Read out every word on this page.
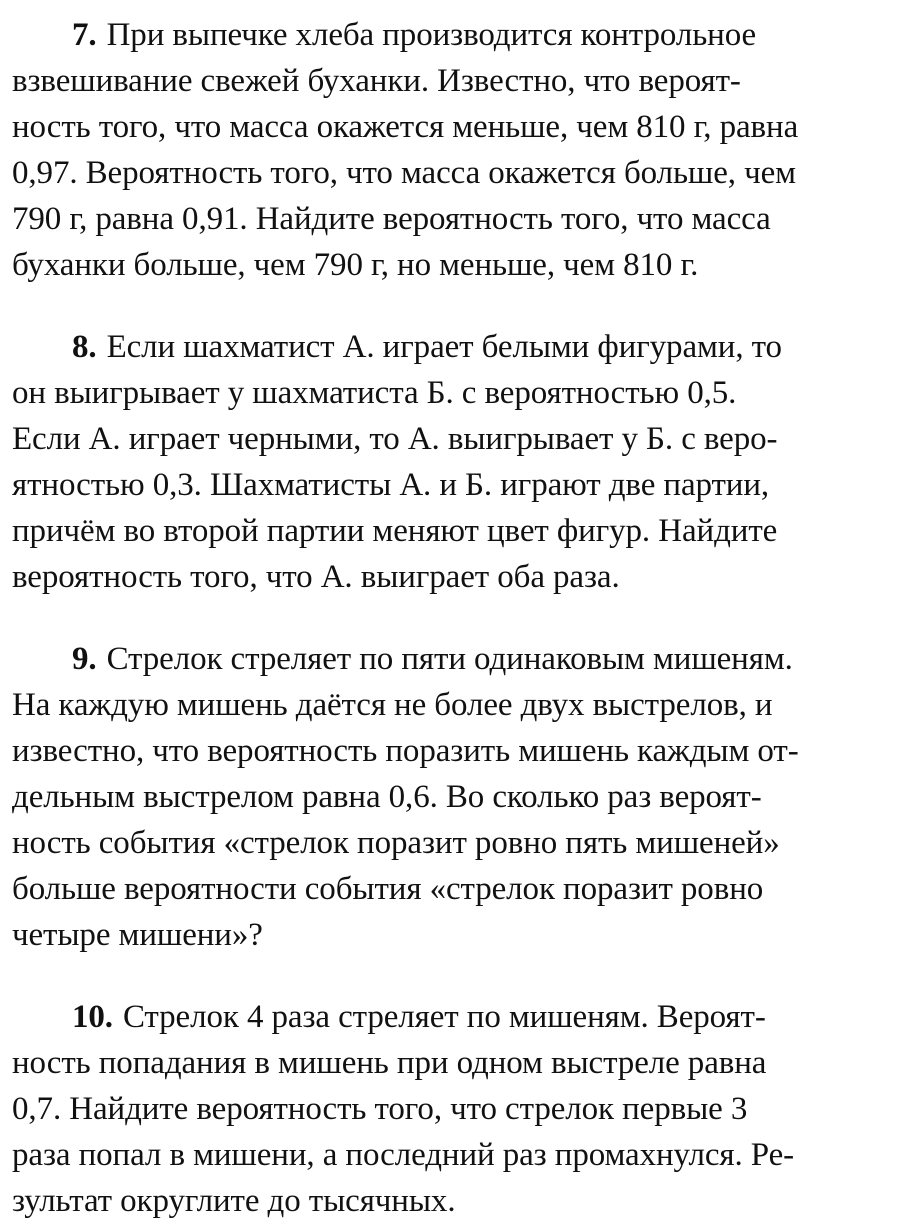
7. При выпечке хлеба производится контрольное
взвешивание свежей буханки. Известно, что вероят-
ность того, что масса окажется меньше, чем 810 г, равна
0,97. Вероятность того, что масса окажется больше, чем
790 г, равна 0,91. Найдите вероятность того, что масса
буханки больше, чем 790 г, но меньше, чем 810 г.
8. Если шахматист А. играет белыми фигурами, то
он выигрывает у шахматиста Б. с вероятностью 0,5.
Если А. играет черными, то А. выигрывает у Б. с веро-
ятностью 0,3. Шахматисты А. и Б. играют две партии,
причём во второй партии меняют цвет фигур. Найдите
вероятность того, что А. выиграет оба раза.
9. Стрелок стреляет по пяти одинаковым мишеням.
На каждую мишень даётся не более двух выстрелов, и
известно, что вероятность поразить мишень каждым от-
дельным выстрелом равна 0,6. Во сколько раз вероят-
ность события «стрелок поразит ровно пять мишеней»
больше вероятности события «стрелок поразит ровно
четыре мишени»?
10. Стрелок 4 раза стреляет по мишеням. Вероят-
ность попадания в мишень при одном выстреле равна
0,7. Найдите вероятность того, что стрелок первые 3
раза попал в мишени, а последний раз промахнулся. Ре-
зультат округлите до тысячных.
